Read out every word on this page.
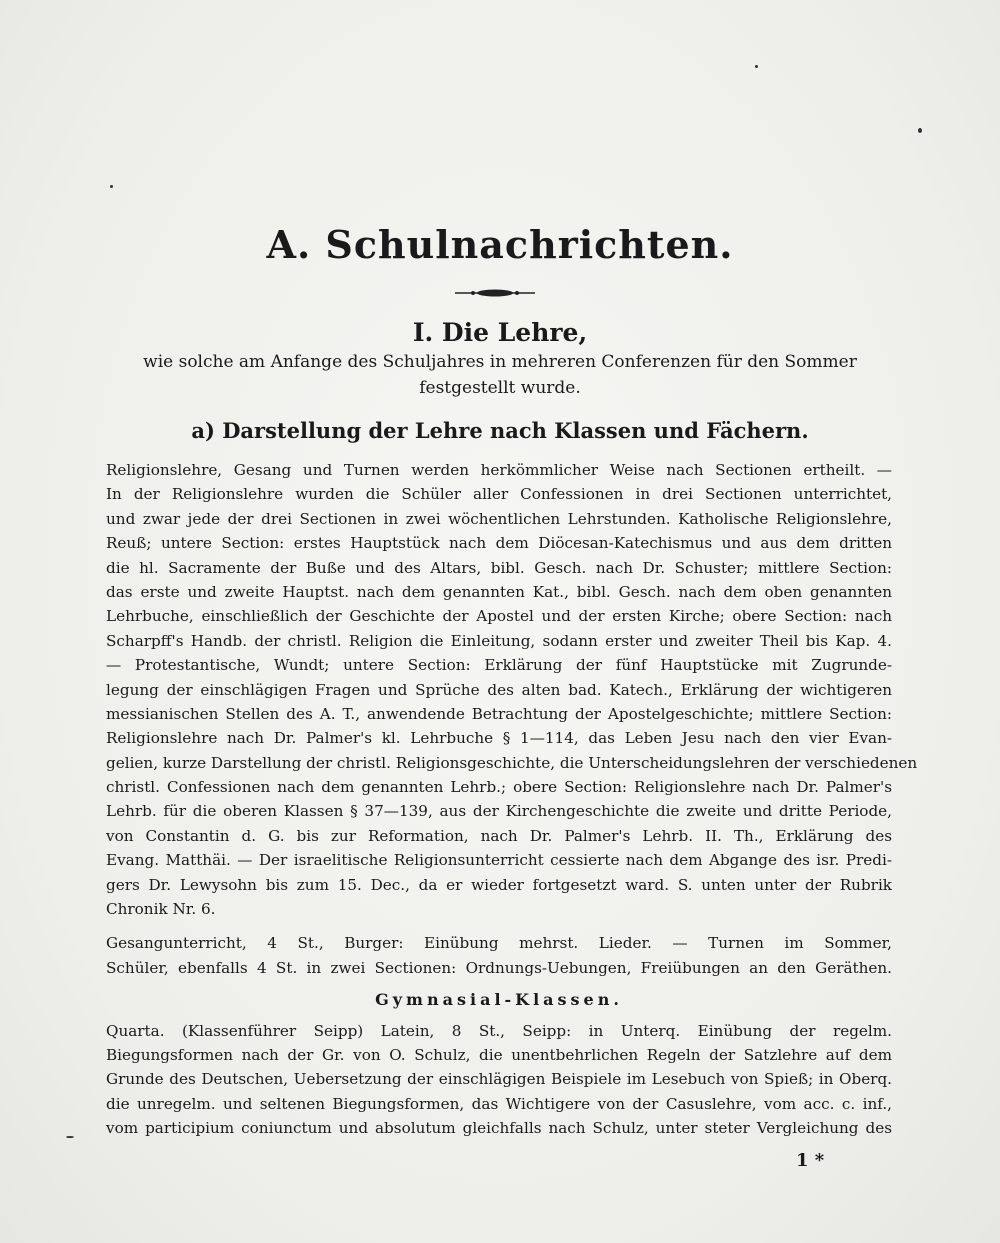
A. Schulnachrichten.
I. Die Lehre,
wie solche am Anfange des Schuljahres in mehreren Conferenzen für den Sommer
festgestellt wurde.
a) Darstellung der Lehre nach Klassen und Fächern.
Religionslehre, Gesang und Turnen werden herkömmlicher Weise nach Sectionen ertheilt. —
In der Religionslehre wurden die Schüler aller Confessionen in drei Sectionen unterrichtet,
und zwar jede der drei Sectionen in zwei wöchentlichen Lehrstunden. Katholische Religionslehre,
Reuß; untere Section: erstes Hauptstück nach dem Diöcesan-Katechismus und aus dem dritten
die hl. Sacramente der Buße und des Altars, bibl. Gesch. nach Dr. Schuster; mittlere Section:
das erste und zweite Hauptst. nach dem genannten Kat., bibl. Gesch. nach dem oben genannten
Lehrbuche, einschließlich der Geschichte der Apostel und der ersten Kirche; obere Section: nach
Scharpff's Handb. der christl. Religion die Einleitung, sodann erster und zweiter Theil bis Kap. 4.
— Protestantische, Wundt; untere Section: Erklärung der fünf Hauptstücke mit Zugrunde-
legung der einschlägigen Fragen und Sprüche des alten bad. Katech., Erklärung der wichtigeren
messianischen Stellen des A. T., anwendende Betrachtung der Apostelgeschichte; mittlere Section:
Religionslehre nach Dr. Palmer's kl. Lehrbuche § 1—114, das Leben Jesu nach den vier Evan-
gelien, kurze Darstellung der christl. Religionsgeschichte, die Unterscheidungslehren der verschiedenen
christl. Confessionen nach dem genannten Lehrb.; obere Section: Religionslehre nach Dr. Palmer's
Lehrb. für die oberen Klassen § 37—139, aus der Kirchengeschichte die zweite und dritte Periode,
von Constantin d. G. bis zur Reformation, nach Dr. Palmer's Lehrb. II. Th., Erklärung des
Evang. Matthäi. — Der israelitische Religionsunterricht cessierte nach dem Abgange des isr. Predi-
gers Dr. Lewysohn bis zum 15. Dec., da er wieder fortgesetzt ward. S. unten unter der Rubrik
Chronik Nr. 6.
Gesangunterricht, 4 St., Burger: Einübung mehrst. Lieder. — Turnen im Sommer,
Schüler, ebenfalls 4 St. in zwei Sectionen: Ordnungs-Uebungen, Freiübungen an den Geräthen.
Gymnasial-Klassen.
Quarta. (Klassenführer Seipp) Latein, 8 St., Seipp: in Unterq. Einübung der regelm.
Biegungsformen nach der Gr. von O. Schulz, die unentbehrlichen Regeln der Satzlehre auf dem
Grunde des Deutschen, Uebersetzung der einschlägigen Beispiele im Lesebuch von Spieß; in Oberq.
die unregelm. und seltenen Biegungsformen, das Wichtigere von der Casuslehre, vom acc. c. inf.,
vom participium coniunctum und absolutum gleichfalls nach Schulz, unter steter Vergleichung des
1 *
